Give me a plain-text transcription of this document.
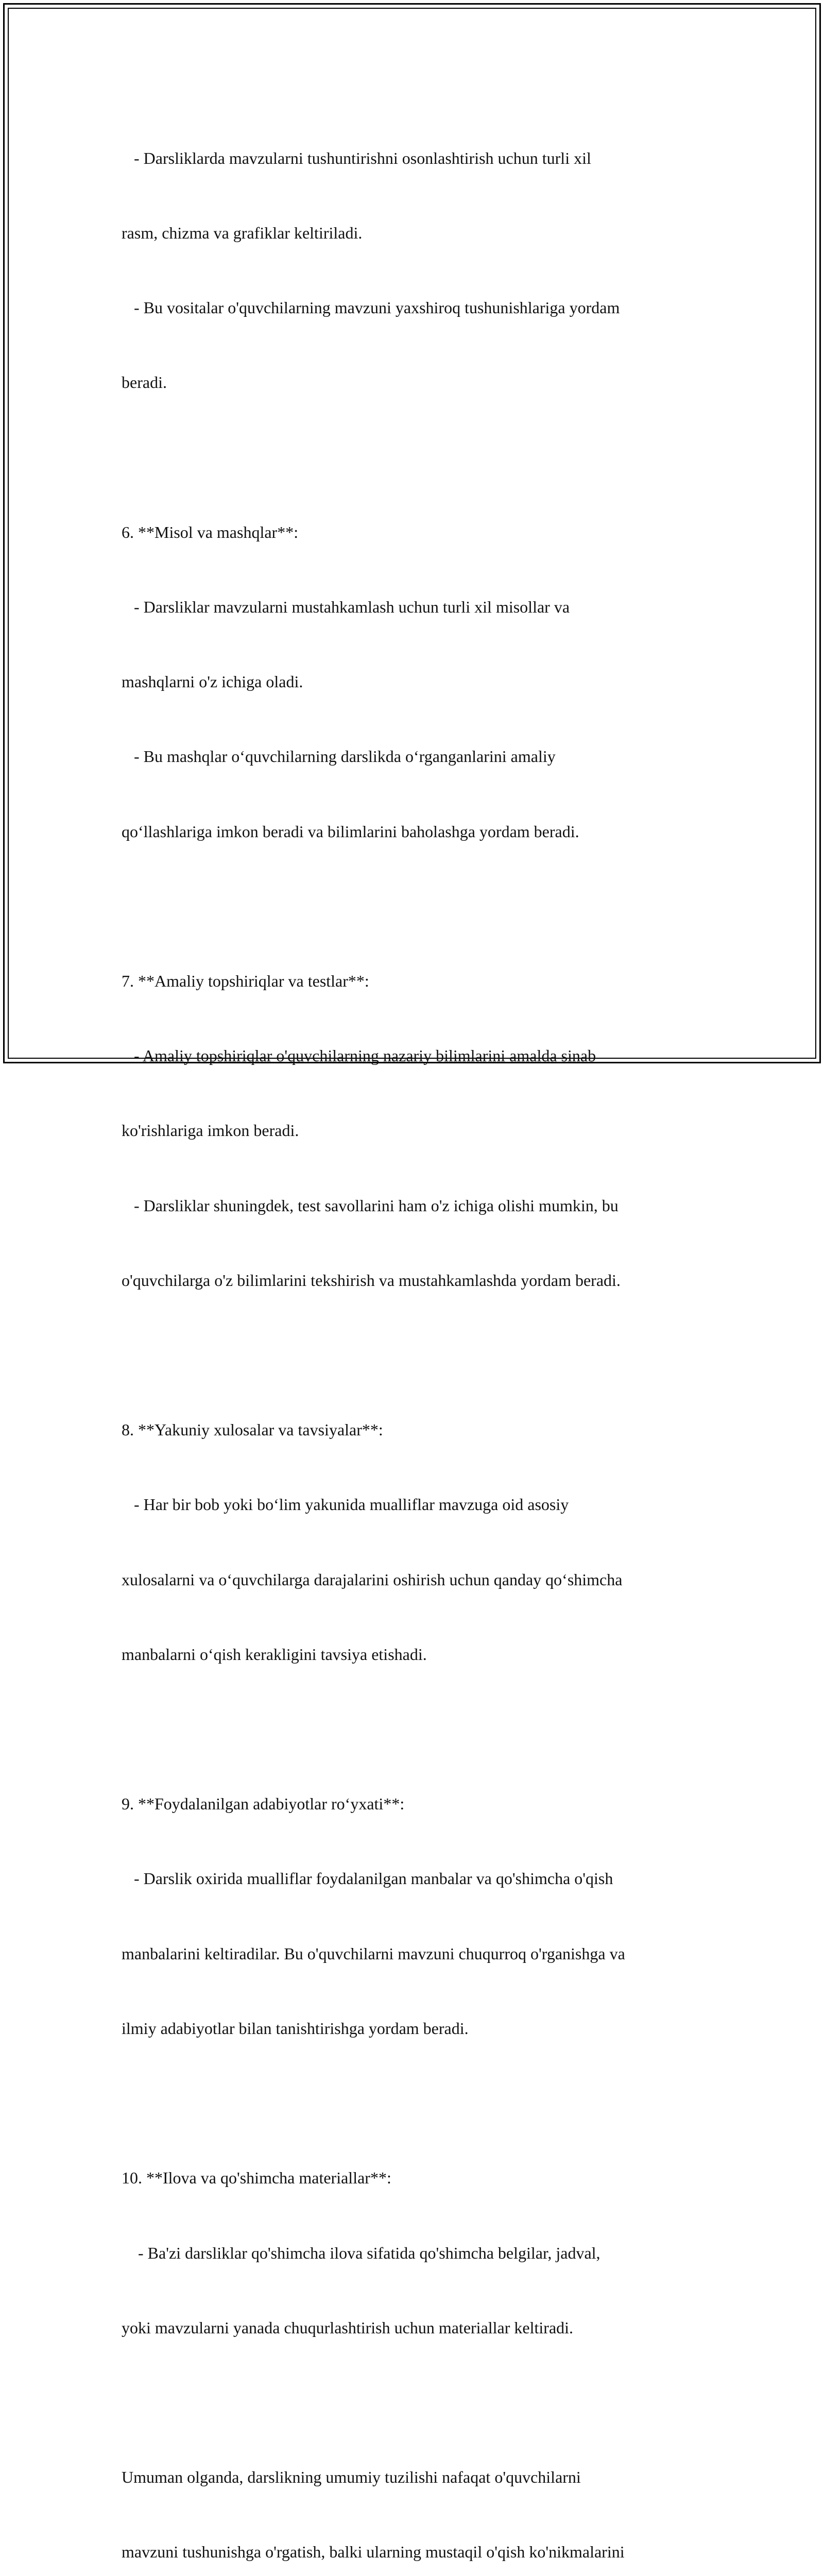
- Darsliklarda mavzularni tushuntirishni osonlashtirish uchun turli xil

rasm, chizma va grafiklar keltiriladi.

- Bu vositalar o'quvchilarning mavzuni yaxshiroq tushunishlariga yordam

beradi.

6. **Misol va mashqlar**:

- Darsliklar mavzularni mustahkamlash uchun turli xil misollar va

mashqlarni o'z ichiga oladi.

- Bu mashqlar o‘quvchilarning darslikda o‘rganganlarini amaliy

qo‘llashlariga imkon beradi va bilimlarini baholashga yordam beradi.

7. **Amaliy topshiriqlar va testlar**:

- Amaliy topshiriqlar o'quvchilarning nazariy bilimlarini amalda sinab

ko'rishlariga imkon beradi.

- Darsliklar shuningdek, test savollarini ham o'z ichiga olishi mumkin, bu

o'quvchilarga o'z bilimlarini tekshirish va mustahkamlashda yordam beradi.

8. **Yakuniy xulosalar va tavsiyalar**:

- Har bir bob yoki bo‘lim yakunida mualliflar mavzuga oid asosiy

xulosalarni va o‘quvchilarga darajalarini oshirish uchun qanday qo‘shimcha

manbalarni o‘qish kerakligini tavsiya etishadi.

9. **Foydalanilgan adabiyotlar ro‘yxati**:

- Darslik oxirida mualliflar foydalanilgan manbalar va qo'shimcha o'qish

manbalarini keltiradilar. Bu o'quvchilarni mavzuni chuqurroq o'rganishga va

ilmiy adabiyotlar bilan tanishtirishga yordam beradi.

10. **Ilova va qo'shimcha materiallar**:

- Ba'zi darsliklar qo'shimcha ilova sifatida qo'shimcha belgilar, jadval,

yoki mavzularni yanada chuqurlashtirish uchun materiallar keltiradi.

Umuman olganda, darslikning umumiy tuzilishi nafaqat o'quvchilarni

mavzuni tushunishga o'rgatish, balki ularning mustaqil o'qish ko'nikmalarini
